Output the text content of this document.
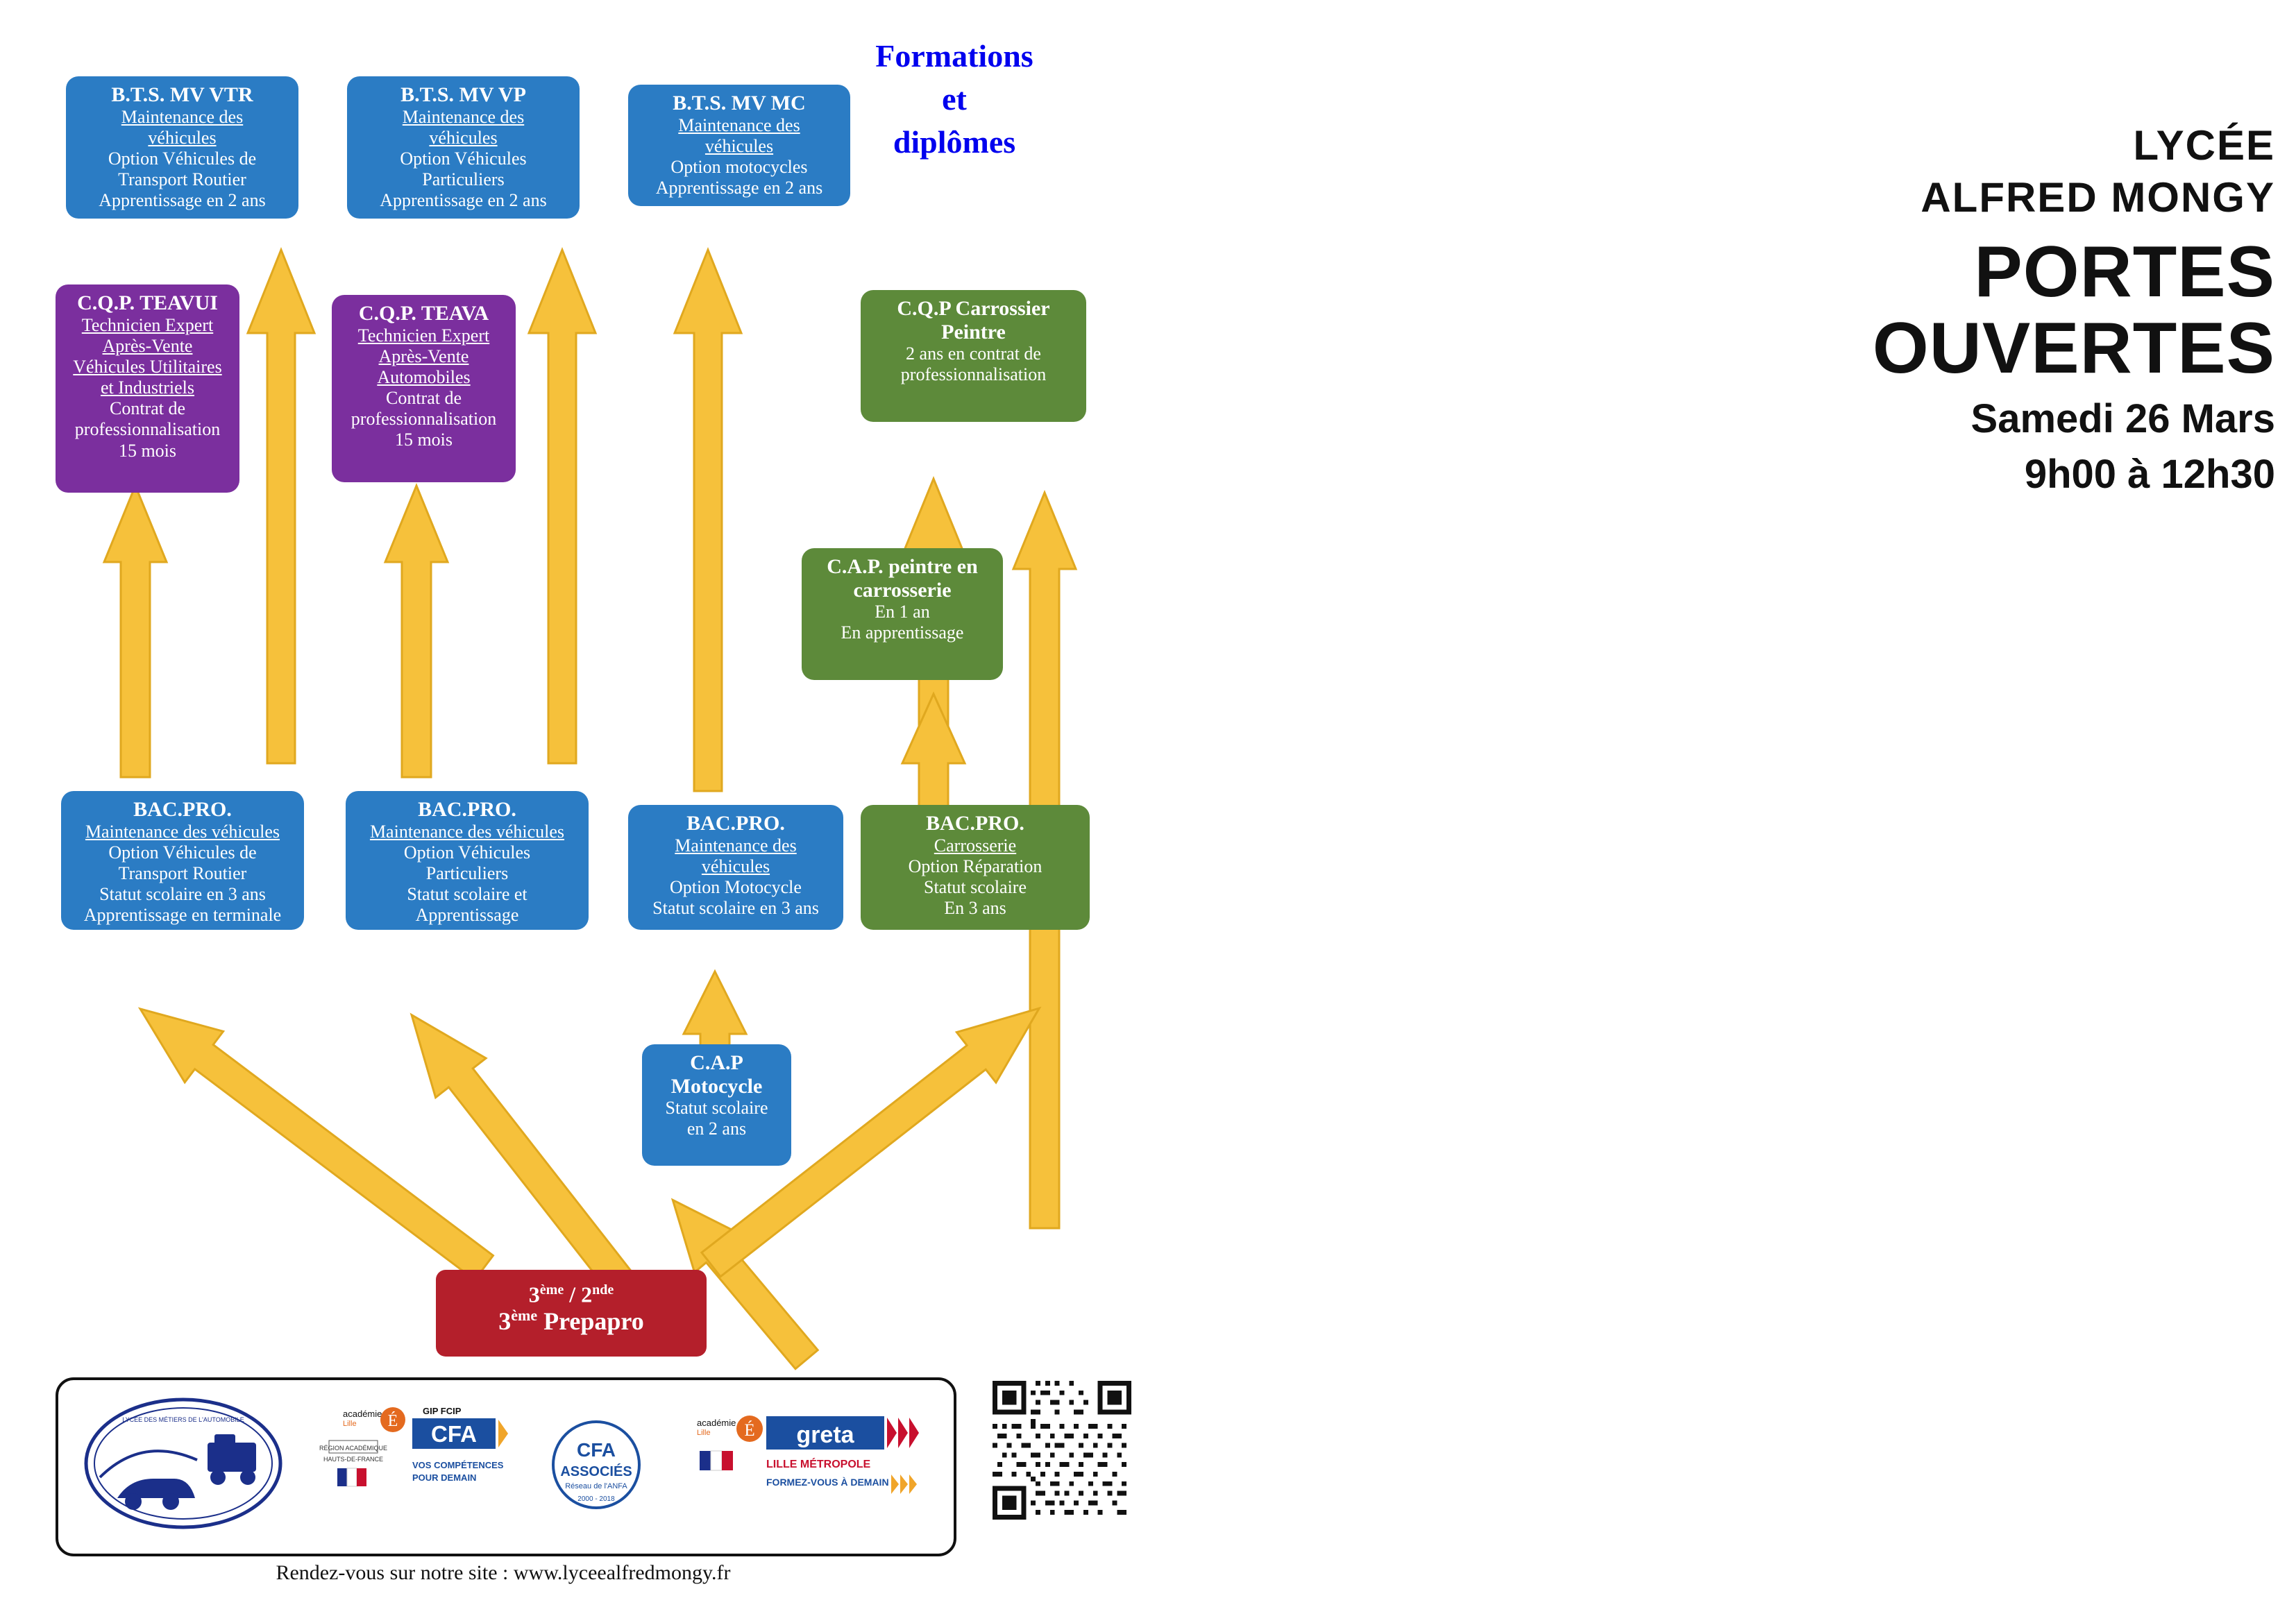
Formations
et
diplômes
B.T.S. MV VTR
Maintenance des
véhicules
Option Véhicules de
Transport Routier
Apprentissage en 2 ans
B.T.S. MV VP
Maintenance des
véhicules
Option Véhicules
Particuliers
Apprentissage en 2 ans
B.T.S. MV MC
Maintenance des
véhicules
Option motocycles
Apprentissage en 2 ans
C.Q.P. TEAVUI
Technicien Expert
Après-Vente
Véhicules Utilitaires
et Industriels
Contrat de
professionnalisation
15 mois
C.Q.P. TEAVA
Technicien Expert
Après-Vente
Automobiles
Contrat de
professionnalisation
15 mois
C.Q.P Carrossier
Peintre
2 ans en contrat de
professionnalisation
C.A.P. peintre en
carrosserie
En 1 an
En apprentissage
BAC.PRO.
Maintenance des véhicules
Option Véhicules de
Transport Routier
Statut scolaire en 3 ans
Apprentissage en terminale
BAC.PRO.
Maintenance des véhicules
Option Véhicules
Particuliers
Statut scolaire et
Apprentissage
BAC.PRO.
Maintenance des
véhicules
Option Motocycle
Statut scolaire en 3 ans
BAC.PRO.
Carrosserie
Option Réparation
Statut scolaire
En 3 ans
C.A.P
Motocycle
Statut scolaire
en 2 ans
3ème / 2nde
3ème Prepapro
LYCÉE DES MÉTIERS DE L'AUTOMOBILE
académie
Lille É
GIP FCIP
CFA
VOS COMPÉTENCES
POUR DEMAIN
RÉGION ACADÉMIQUE
HAUTS-DE-FRANCE	CFA
ASSOCIÉS
Réseau de l'ANFA
2000 - 2018
académie
Lille É greta
LILLE MÉTROPOLE
FORMEZ-VOUS À DEMAIN
Rendez-vous sur notre site : www.lyceealfredmongy.fr
LYCÉE
ALFRED MONGY
PORTES
OUVERTES
Samedi 26 Mars
9h00 à 12h30
